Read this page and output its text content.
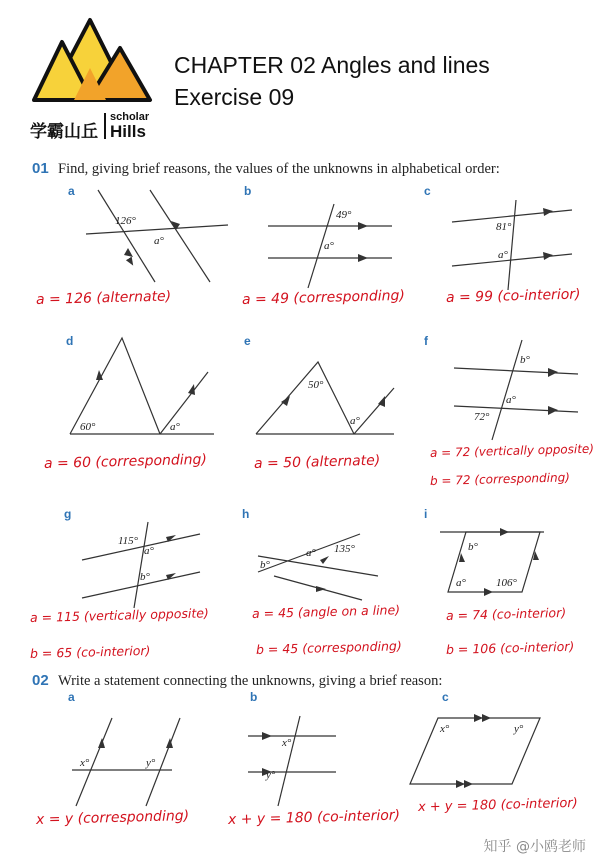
学霸山丘
scholar
Hills
CHAPTER 02 Angles and lines
Exercise 09
01 Find, giving brief reasons, the values of the unknowns in alphabetical order:
a	b	c
d	e	f
g	h	i
126°
a°
49°
a°
81°
a°
60°	a°
50°
a°
b°
a°
72°
115°
a°
b°
135°
a°
b°
b°
a°	106°
a = 126 (alternate)	a = 49 (corresponding)	a = 99 (co-interior)
a = 60 (corresponding)	a = 50 (alternate)
a = 72 (vertically opposite)
b = 72 (corresponding)
a = 115 (vertically opposite)
b = 65 (co-interior)
a = 45 (angle on a line)
b = 45 (corresponding)
a = 74 (co-interior)
b = 106 (co-interior)
02 Write a statement connecting the unknowns, giving a brief reason:
a	b	c
x°	y°
x°
y°
x°	y°
x = y (corresponding)	x + y = 180 (co-interior)
x + y = 180 (co-interior)
知乎 @小鸥老师
